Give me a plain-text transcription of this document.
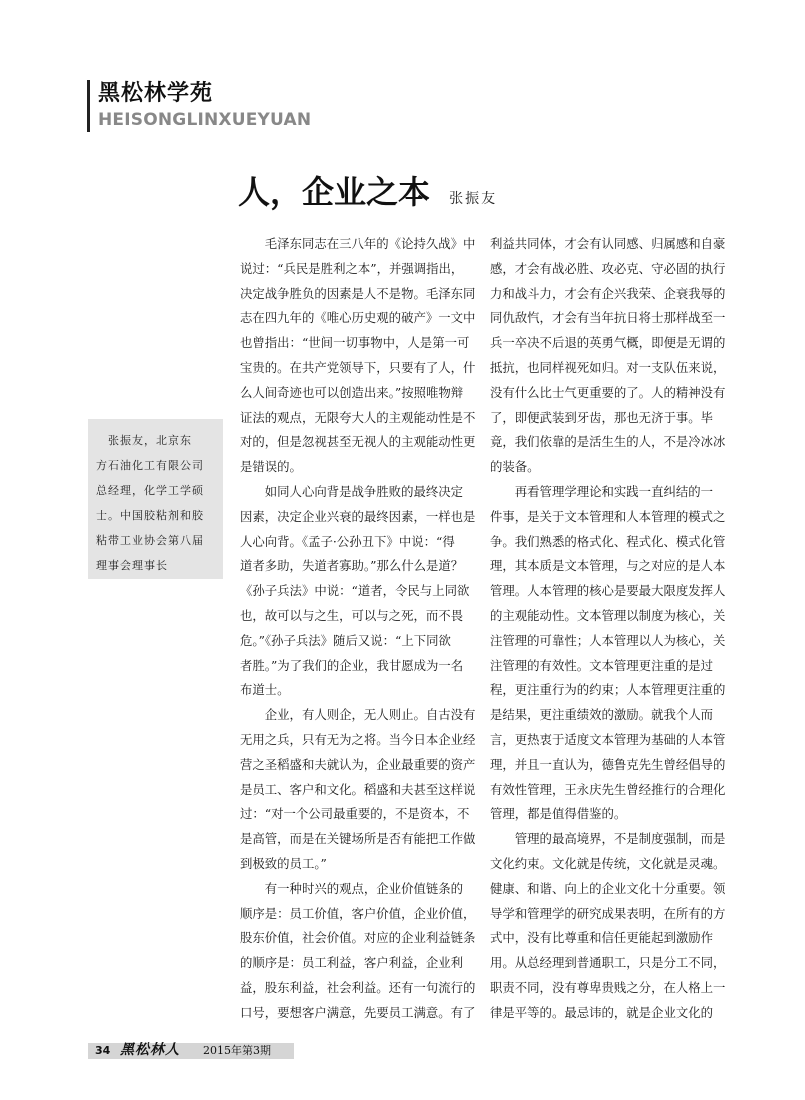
黑松林学苑
HEISONGLINXUEYUAN
人，企业之本 张振友
　张振友，北京东
方石油化工有限公司
总经理，化学工学硕
士。中国胶粘剂和胶
粘带工业协会第八届
理事会理事长
　　毛泽东同志在三八年的《论持久战》中
说过：“兵民是胜利之本”，并强调指出，
决定战争胜负的因素是人不是物。毛泽东同
志在四九年的《唯心历史观的破产》一文中
也曾指出：“世间一切事物中，人是第一可
宝贵的。在共产党领导下，只要有了人，什
么人间奇迹也可以创造出来。”按照唯物辩
证法的观点，无限夸大人的主观能动性是不
对的，但是忽视甚至无视人的主观能动性更
是错误的。
　　如同人心向背是战争胜败的最终决定
因素，决定企业兴衰的最终因素，一样也是
人心向背。《孟子·公孙丑下》中说：“得
道者多助，失道者寡助。”那么什么是道？
《孙子兵法》中说：“道者，令民与上同欲
也，故可以与之生，可以与之死，而不畏
危。”《孙子兵法》随后又说：“上下同欲
者胜。”为了我们的企业，我甘愿成为一名
布道士。
　　企业，有人则企，无人则止。自古没有
无用之兵，只有无为之将。当今日本企业经
营之圣稻盛和夫就认为，企业最重要的资产
是员工、客户和文化。稻盛和夫甚至这样说
过：“对一个公司最重要的，不是资本，不
是高管，而是在关键场所是否有能把工作做
到极致的员工。”
　　有一种时兴的观点，企业价值链条的
顺序是：员工价值，客户价值，企业价值，
股东价值，社会价值。对应的企业利益链条
的顺序是：员工利益，客户利益，企业利
益，股东利益，社会利益。还有一句流行的
口号，要想客户满意，先要员工满意。有了
利益共同体，才会有认同感、归属感和自豪
感，才会有战必胜、攻必克、守必固的执行
力和战斗力，才会有企兴我荣、企衰我辱的
同仇敌忾，才会有当年抗日将士那样战至一
兵一卒决不后退的英勇气概，即便是无谓的
抵抗，也同样视死如归。对一支队伍来说，
没有什么比士气更重要的了。人的精神没有
了，即便武装到牙齿，那也无济于事。毕
竟，我们依靠的是活生生的人，不是冷冰冰
的装备。
　　再看管理学理论和实践一直纠结的一
件事，是关于文本管理和人本管理的模式之
争。我们熟悉的格式化、程式化、模式化管
理，其本质是文本管理，与之对应的是人本
管理。人本管理的核心是要最大限度发挥人
的主观能动性。文本管理以制度为核心，关
注管理的可靠性；人本管理以人为核心，关
注管理的有效性。文本管理更注重的是过
程，更注重行为的约束；人本管理更注重的
是结果，更注重绩效的激励。就我个人而
言，更热衷于适度文本管理为基础的人本管
理，并且一直认为，德鲁克先生曾经倡导的
有效性管理，王永庆先生曾经推行的合理化
管理，都是值得借鉴的。
　　管理的最高境界，不是制度强制，而是
文化约束。文化就是传统，文化就是灵魂。
健康、和谐、向上的企业文化十分重要。领
导学和管理学的研究成果表明，在所有的方
式中，没有比尊重和信任更能起到激励作
用。从总经理到普通职工，只是分工不同，
职责不同，没有尊卑贵贱之分，在人格上一
律是平等的。最忌讳的，就是企业文化的
34 黑松林人 2015年第3期
